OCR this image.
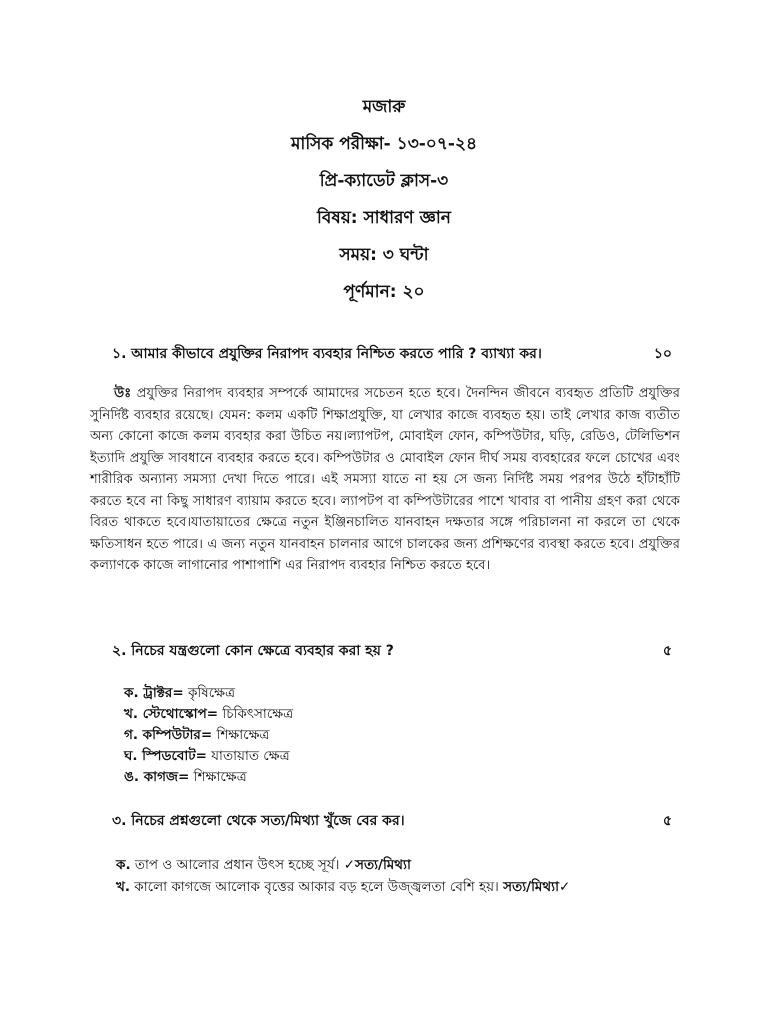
মজারু
মাসিক পরীক্ষা- ১৩-০৭-২৪
প্রি-ক্যাডেট ক্লাস-৩
বিষয়: সাধারণ জ্ঞান
সময়: ৩ ঘন্টা
পূর্ণমান: ২০
১. আমার কীভাবে প্রযুক্তির নিরাপদ ব্যবহার নিশ্চিত করতে পারি ? ব্যাখ্যা কর।	১০
উঃ প্রযুক্তির নিরাপদ ব্যবহার সম্পর্কে আমাদের সচেতন হতে হবে। দৈনন্দিন জীবনে ব্যবহৃত প্রতিটি প্রযুক্তির সুনির্দিষ্ট ব্যবহার রয়েছে। যেমন: কলম একটি শিক্ষাপ্রযুক্তি, যা লেখার কাজে ব্যবহৃত হয়। তাই লেখার কাজ ব্যতীত অন্য কোনো কাজে কলম ব্যবহার করা উচিত নয়।ল্যাপটপ, মোবাইল ফোন, কম্পিউটার, ঘড়ি, রেডিও, টেলিভিশন ইত্যাদি প্রযুক্তি সাবধানে ব্যবহার করতে হবে। কম্পিউটার ও মোবাইল ফোন দীর্ঘ সময় ব্যবহারের ফলে চোখের এবং শারীরিক অন্যান্য সমস্যা দেখা দিতে পারে। এই সমস্যা যাতে না হয় সে জন্য নির্দিষ্ট সময় পরপর উঠে হাঁটাহাঁটি করতে হবে না কিছু সাধারণ ব্যায়াম করতে হবে। ল্যাপটপ বা কম্পিউটারের পাশে খাবার বা পানীয় গ্রহণ করা থেকে বিরত থাকতে হবে।যাতায়াতের ক্ষেত্রে নতুন ইঞ্জিনচালিত যানবাহন দক্ষতার সঙ্গে পরিচালনা না করলে তা থেকে ক্ষতিসাধন হতে পারে। এ জন্য নতুন যানবাহন চালনার আগে চালকের জন্য প্রশিক্ষণের ব্যবস্থা করতে হবে। প্রযুক্তির কল্যাণকে কাজে লাগানোর পাশাপাশি এর নিরাপদ ব্যবহার নিশ্চিত করতে হবে।
২. নিচের যন্ত্রগুলো কোন ক্ষেত্রে ব্যবহার করা হয় ?	৫
ক. ট্রাক্টর= কৃষিক্ষেত্র
খ. স্টেথোস্কোপ= চিকিৎসাক্ষেত্র
গ. কম্পিউটার= শিক্ষাক্ষেত্র
ঘ. স্পিডবোট= যাতায়াত ক্ষেত্র
ঙ. কাগজ= শিক্ষাক্ষেত্র
৩. নিচের প্রশ্নগুলো থেকে সত্য/মিথ্যা খুঁজে বের কর।	৫
ক. তাপ ও আলোর প্রধান উৎস হচ্ছে সূর্য। ✓সত্য/মিথ্যা
খ. কালো কাগজে আলোক বৃত্তের আকার বড় হলে উজ্জ্বলতা বেশি হয়। সত্য/মিথ্যা✓
